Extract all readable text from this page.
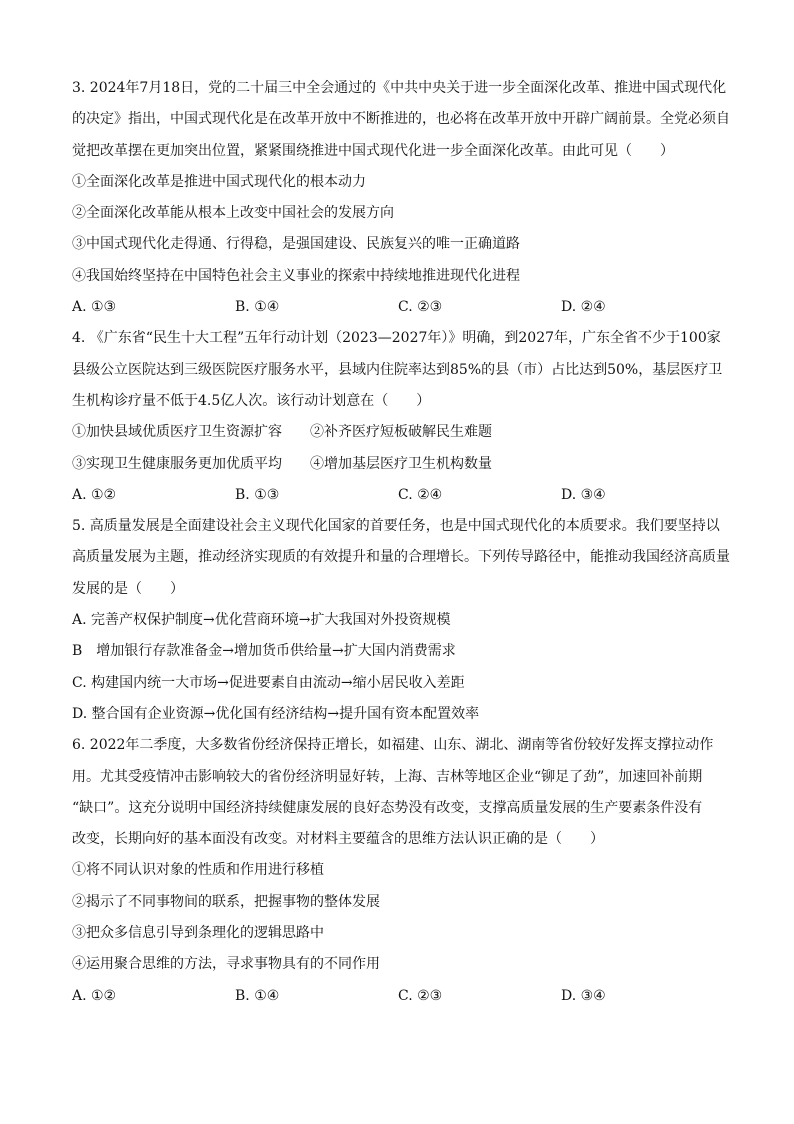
3. 2024年7月18日，党的二十届三中全会通过的《中共中央关于进一步全面深化改革、推进中国式现代化
的决定》指出，中国式现代化是在改革开放中不断推进的，也必将在改革开放中开辟广阔前景。全党必须自
觉把改革摆在更加突出位置，紧紧围绕推进中国式现代化进一步全面深化改革。由此可见（　　）
①全面深化改革是推进中国式现代化的根本动力
②全面深化改革能从根本上改变中国社会的发展方向
③中国式现代化走得通、行得稳，是强国建设、民族复兴的唯一正确道路
④我国始终坚持在中国特色社会主义事业的探索中持续地推进现代化进程
A. ①③	B. ①④	C. ②③	D. ②④
4. 《广东省“民生十大工程”五年行动计划（2023—2027年）》明确，到2027年，广东全省不少于100家
县级公立医院达到三级医院医疗服务水平，县域内住院率达到85%的县（市）占比达到50%，基层医疗卫
生机构诊疗量不低于4.5亿人次。该行动计划意在（　　）
①加快县域优质医疗卫生资源扩容　　②补齐医疗短板破解民生难题
③实现卫生健康服务更加优质平均　　④增加基层医疗卫生机构数量
A. ①②	B. ①③	C. ②④	D. ③④
5. 高质量发展是全面建设社会主义现代化国家的首要任务，也是中国式现代化的本质要求。我们要坚持以
高质量发展为主题，推动经济实现质的有效提升和量的合理增长。下列传导路径中，能推动我国经济高质量
发展的是（　　）
A. 完善产权保护制度→优化营商环境→扩大我国对外投资规模
B　增加银行存款准备金→增加货币供给量→扩大国内消费需求
C. 构建国内统一大市场→促进要素自由流动→缩小居民收入差距
D. 整合国有企业资源→优化国有经济结构→提升国有资本配置效率
6. 2022年二季度，大多数省份经济保持正增长，如福建、山东、湖北、湖南等省份较好发挥支撑拉动作
用。尤其受疫情冲击影响较大的省份经济明显好转，上海、吉林等地区企业“铆足了劲”，加速回补前期
“缺口”。这充分说明中国经济持续健康发展的良好态势没有改变，支撑高质量发展的生产要素条件没有
改变，长期向好的基本面没有改变。对材料主要蕴含的思维方法认识正确的是（　　）
①将不同认识对象的性质和作用进行移植
②揭示了不同事物间的联系，把握事物的整体发展
③把众多信息引导到条理化的逻辑思路中
④运用聚合思维的方法，寻求事物具有的不同作用
A. ①②	B. ①④	C. ②③	D. ③④
